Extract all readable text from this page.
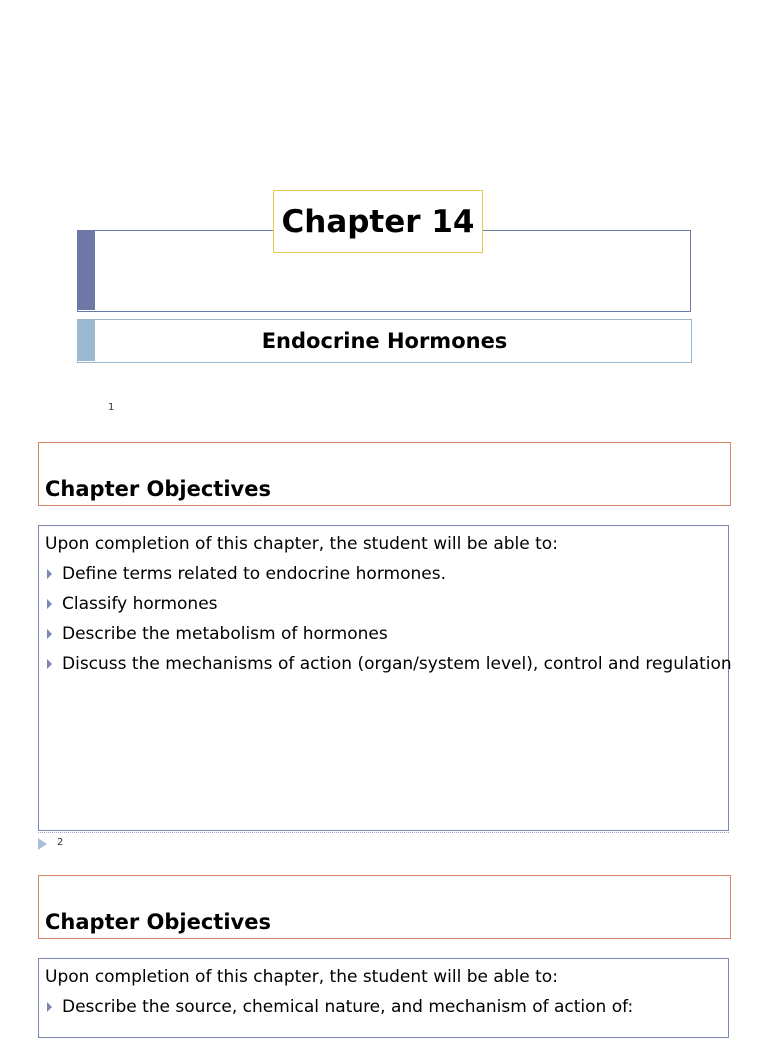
Chapter 14
Endocrine Hormones
1
Chapter Objectives
Upon completion of this chapter, the student will be able to:
Define terms related to endocrine hormones.
Classify hormones
Describe the metabolism of hormones
Discuss the mechanisms of action (organ/system level), control and regulation
2
Chapter Objectives
Upon completion of this chapter, the student will be able to:
Describe the source, chemical nature, and mechanism of action of:
